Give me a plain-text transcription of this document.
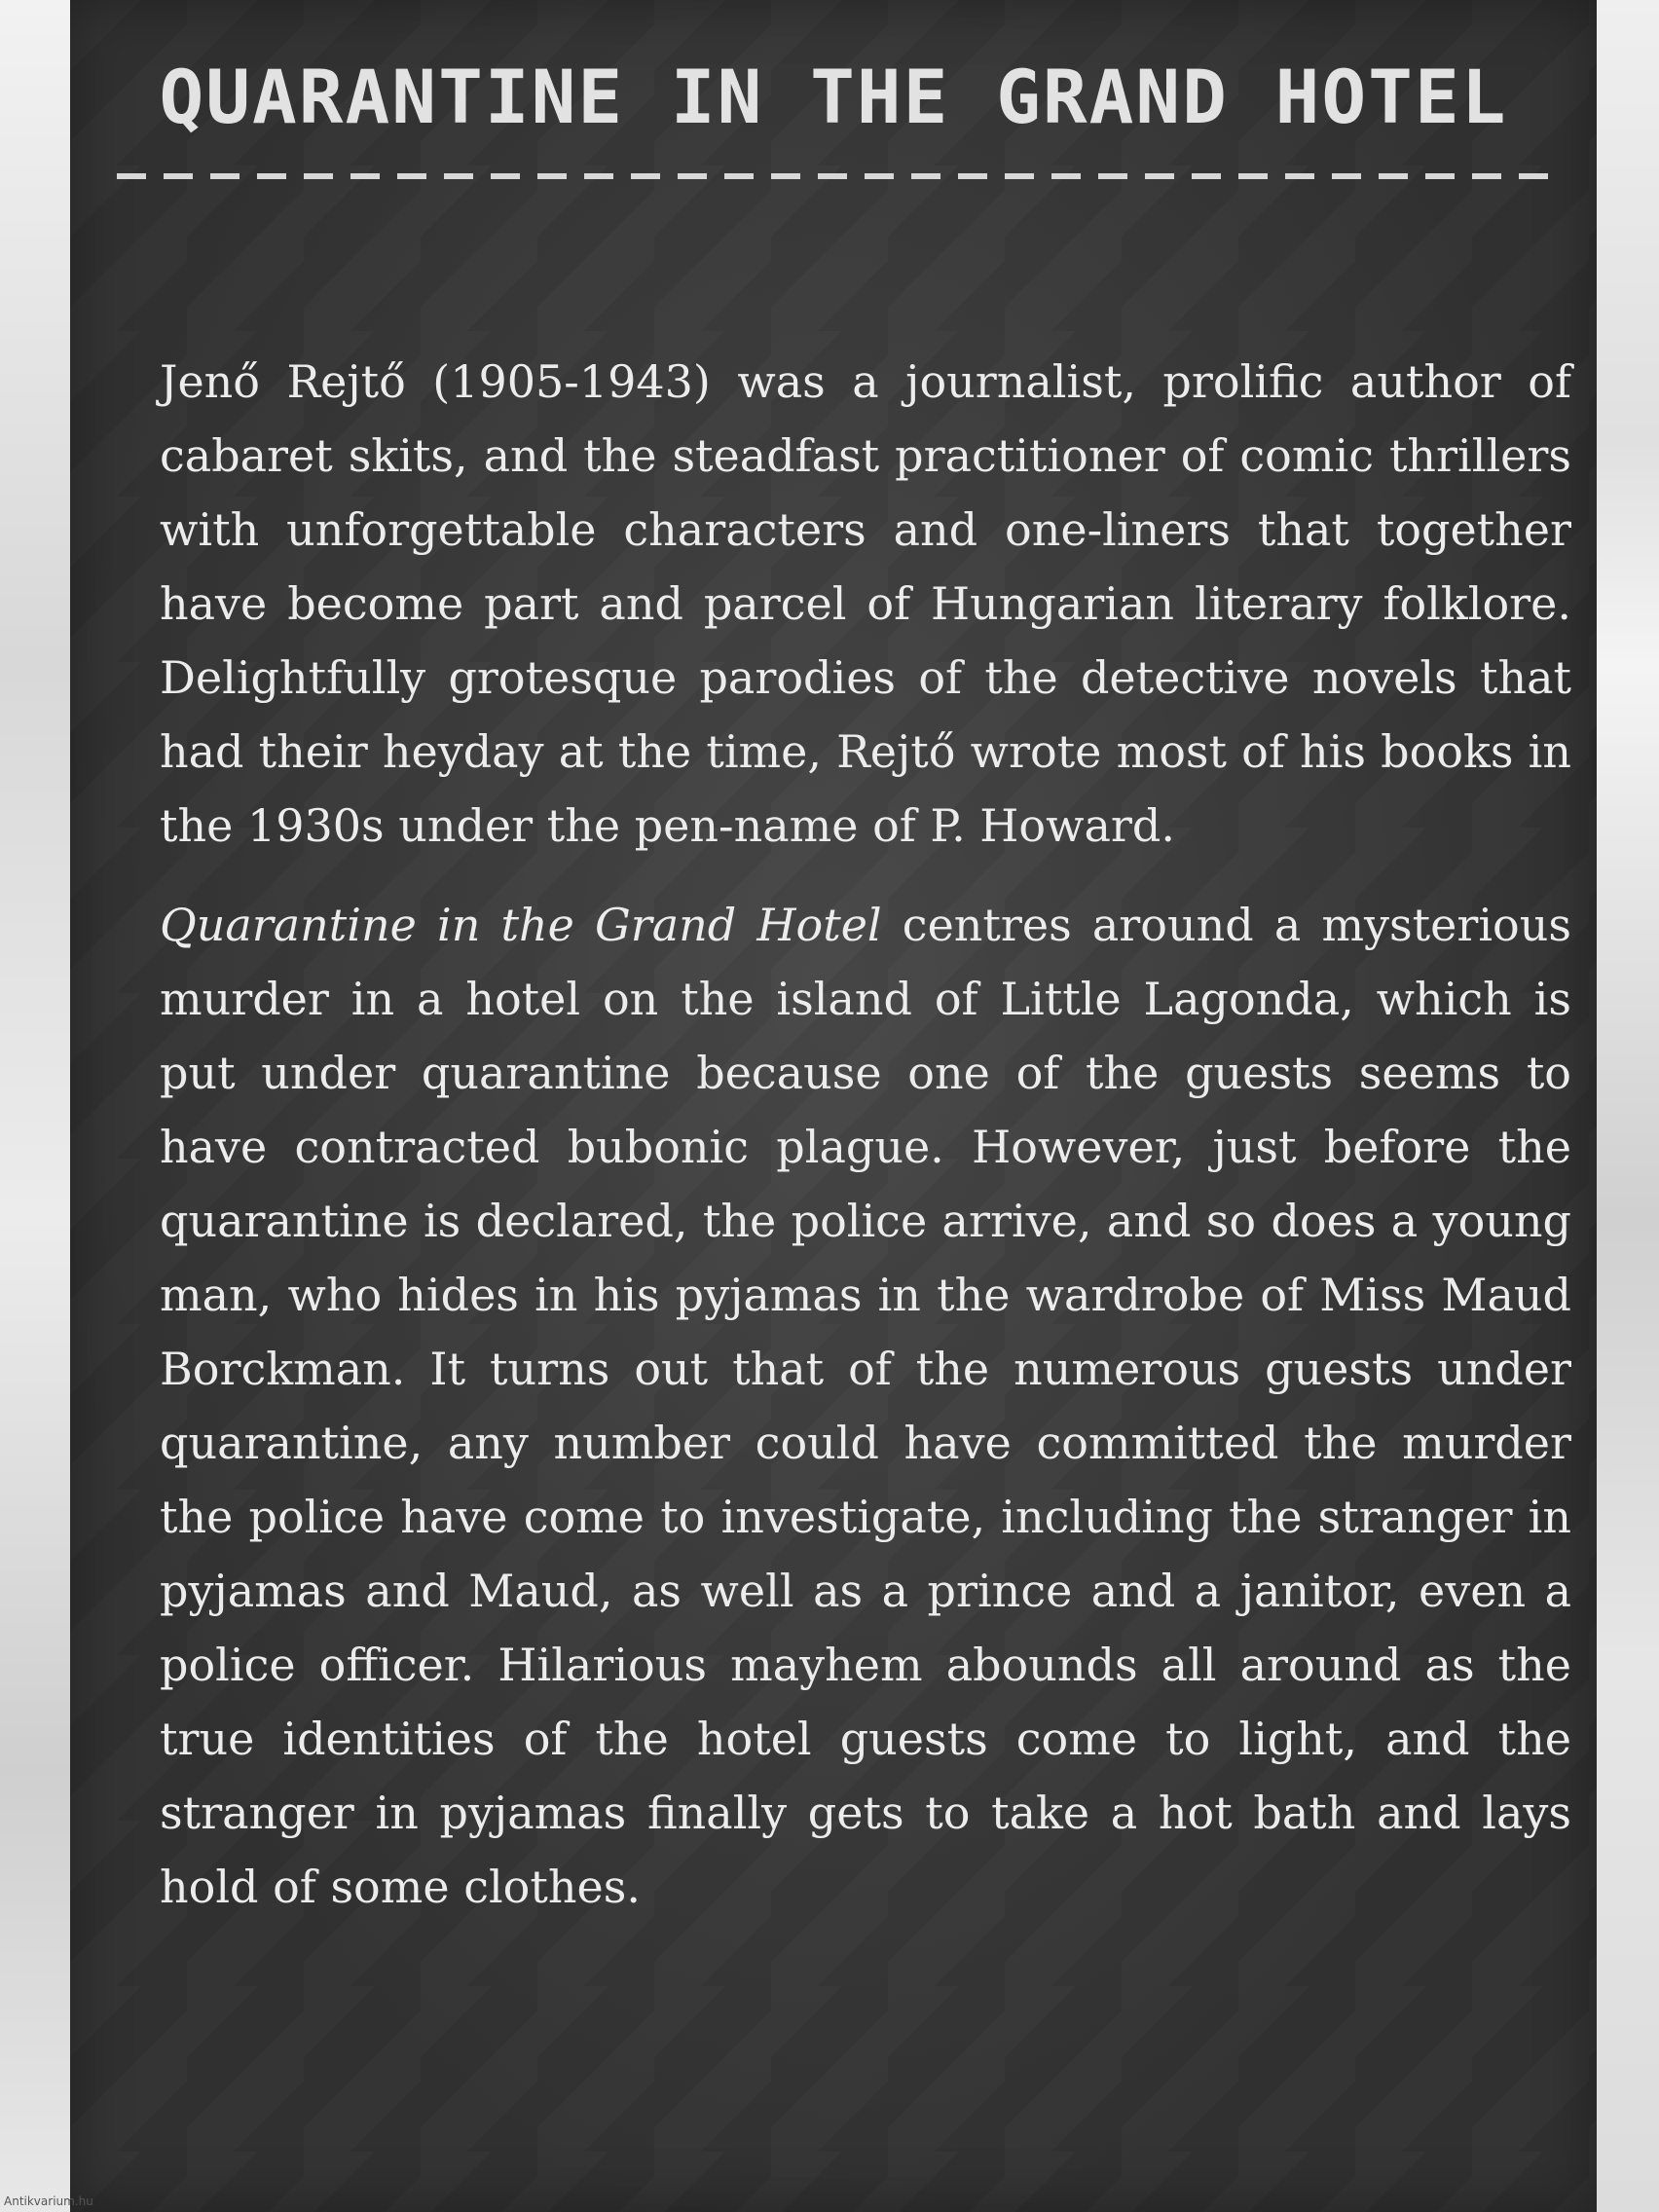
QUARANTINE IN THE GRAND HOTEL

Jenő Rejtő (1905-1943) was a journalist, prolific author of cabaret skits, and the steadfast practitioner of comic thrillers with unforgettable characters and one-liners that together have become part and parcel of Hungarian literary folklore. Delightfully grotesque parodies of the detective novels that had their heyday at the time, Rejtő wrote most of his books in the 1930s under the pen-name of P. Howard.

Quarantine in the Grand Hotel centres around a mysterious murder in a hotel on the island of Little Lagonda, which is put under quarantine because one of the guests seems to have contracted bubonic plague. However, just before the quarantine is declared, the police arrive, and so does a young man, who hides in his pyjamas in the wardrobe of Miss Maud Borckman. It turns out that of the numerous guests under quarantine, any number could have committed the murder the police have come to investigate, including the stranger in pyjamas and Maud, as well as a prince and a janitor, even a police officer. Hilarious mayhem abounds all around as the true identities of the hotel guests come to light, and the stranger in pyjamas finally gets to take a hot bath and lays hold of some clothes.

Antikvarium.hu
